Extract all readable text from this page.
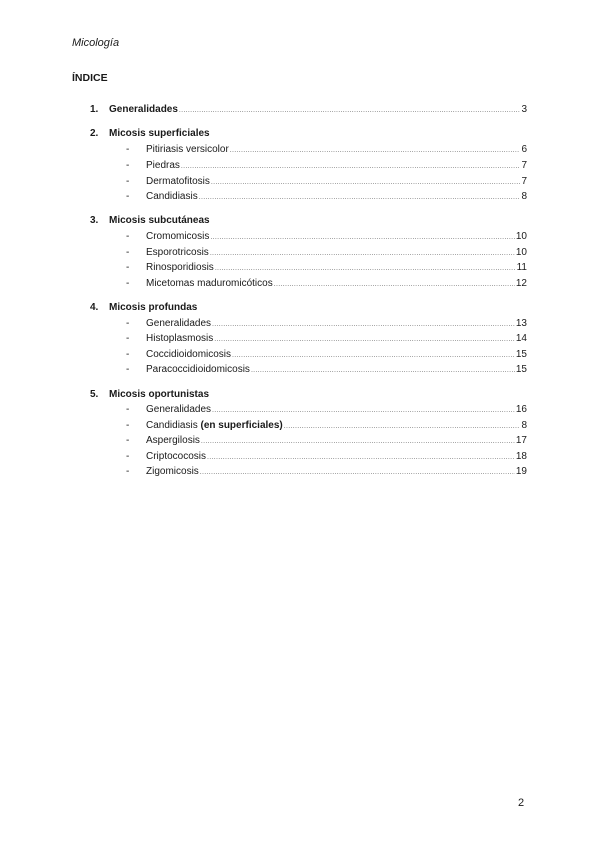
Micología
ÍNDICE
1.	Generalidades .....	3
2.	Micosis superficiales
-	Pitiriasis versicolor .....	6
-	Piedras .....	7
-	Dermatofitosis .....	7
-	Candidiasis .....	8
3.	Micosis subcutáneas
-	Cromomicosis .....	10
-	Esporotricosis .....	10
-	Rinosporidiosis .....	11
-	Micetomas maduromicóticos .....	12
4.	Micosis profundas
-	Generalidades .....	13
-	Histoplasmosis .....	14
-	Coccidioidomicosis .....	15
-	Paracoccidioidomicosis .....	15
5.	Micosis oportunistas
-	Generalidades .....	16
-	Candidiasis (en superficiales) .....	8
-	Aspergilosis .....	17
-	Criptococosis .....	18
-	Zigomicosis .....	19
2
